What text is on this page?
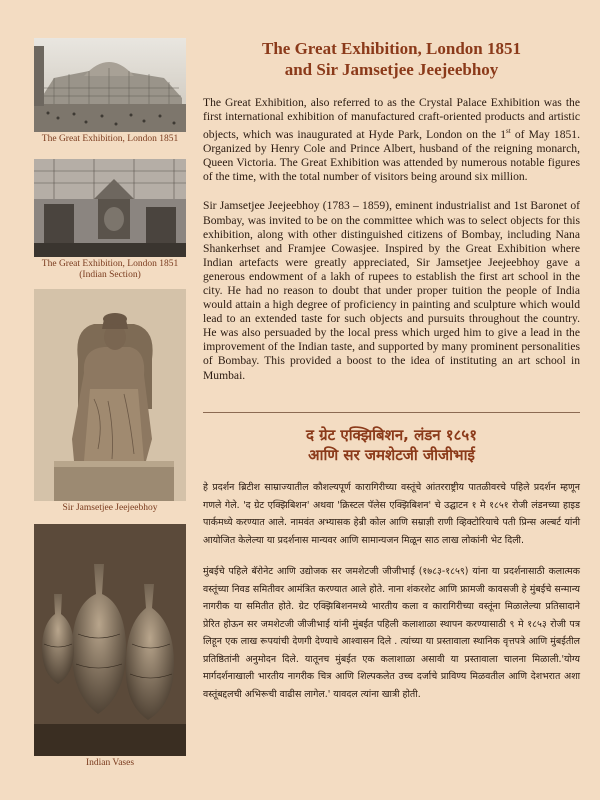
The Great Exhibition, London 1851
The Great Exhibition, London 1851
(Indian Section)
Sir Jamsetjee Jeejeebhoy
Indian Vases
The Great Exhibition, London 1851
and Sir Jamsetjee Jeejeebhoy

The Great Exhibition, also referred to as the Crystal Palace Exhibition was the first international exhibition of manufactured craft-oriented products and artistic objects, which was inaugurated at Hyde Park, London on the 1st of May 1851. Organized by Henry Cole and Prince Albert, husband of the reigning monarch, Queen Victoria. The Great Exhibition was attended by numerous notable figures of the time, with the total number of visitors being around six million.

Sir Jamsetjee Jeejeebhoy (1783 – 1859), eminent industrialist and 1st Baronet of Bombay, was invited to be on the committee which was to select objects for this exhibition, along with other distinguished citizens of Bombay, including Nana Shankerhset and Framjee Cowasjee. Inspired by the Great Exhibition where Indian artefacts were greatly appreciated, Sir Jamsetjee Jeejeebhoy gave a generous endowment of a lakh of rupees to establish the first art school in the city. He had no reason to doubt that under proper tuition the people of India would attain a high degree of proficiency in painting and sculpture which would lead to an extended taste for such objects and pursuits throughout the country. He was also persuaded by the local press which urged him to give a lead in the improvement of the Indian taste, and supported by many prominent personalities of Bombay. This provided a boost to the idea of instituting an art school in Mumbai.

द ग्रेट एक्झिबिशन, लंडन १८५१
आणि सर जमशेटजी जीजीभाई

हे प्रदर्शन ब्रिटीश साम्राज्यातील कौशल्यपूर्ण कारागिरीच्या वस्तूंचे आंतरराष्ट्रीय पातळीवरचे पहिले प्रदर्शन म्हणून गणले गेले. 'द ग्रेट एक्झिबिशन' अथवा 'क्रिस्टल पॅलेस एक्झिबिशन' चे उद्घाटन १ मे १८५१ रोजी लंडनच्या हाइड पार्कमध्ये करण्यात आले. नामवंत अभ्यासक हेन्री कोल आणि सम्राज्ञी राणी व्हिक्टोरियाचे पती प्रिन्स अल्बर्ट यांनी आयोजित केलेल्या या प्रदर्शनास मान्यवर आणि सामान्यजन मिळून साठ लाख लोकांनी भेट दिली.

मुंबईचे पहिले बॅरोनेट आणि उद्योजक सर जमशेटजी जीजीभाई (१७८३-१८५९) यांना या प्रदर्शनासाठी कलात्मक वस्तूंच्या निवड समितीवर आमंत्रित करण्यात आले होते. नाना शंकरशेट आणि फ्रामजी कावसजी हे मुंबईचे सन्मान्य नागरीक या समितीत होते. ग्रेट एक्झिबिशनमध्ये भारतीय कला व कारागिरीच्या वस्तूंना मिळालेल्या प्रतिसादाने प्रेरित होऊन सर जमशेटजी जीजीभाई यांनी मुंबईत पहिली कलाशाळा स्थापन करण्यासाठी ९ मे १८५३ रोजी पत्र लिहून एक लाख रूपयांची देणगी देण्याचे आश्वासन दिले . त्यांच्या या प्रस्तावाला स्थानिक वृत्तपत्रे आणि मुंबईतील प्रतिष्ठितांनी अनुमोदन दिले. यातूनच मुंबईत एक कलाशाळा असावी या प्रस्तावाला चालना मिळाली.'योग्य मार्गदर्शनाखाली भारतीय नागरीक चित्र आणि शिल्पकलेत उच्च दर्जाचे प्राविण्य मिळवतील आणि देशभरात अशा वस्तूंबद्दलची अभिरूची वाढीस लागेल.' यावदल त्यांना खात्री होती.
